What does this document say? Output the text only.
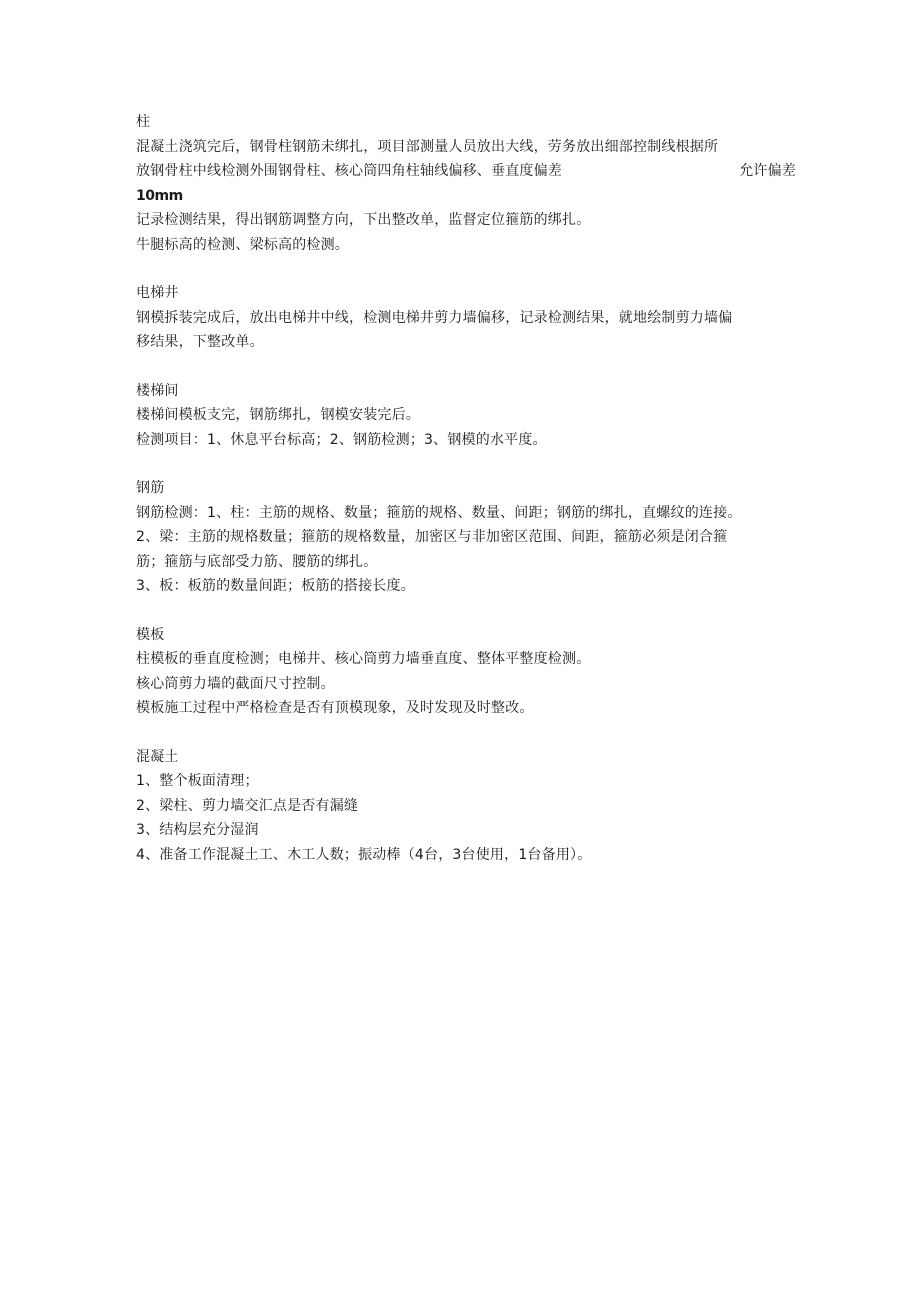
柱
混凝土浇筑完后，钢骨柱钢筋未绑扎，项目部测量人员放出大线，劳务放出细部控制线根据所
放钢骨柱中线检测外围钢骨柱、核心筒四角柱轴线偏移、垂直度偏差	允许偏差
10mm
记录检测结果，得出钢筋调整方向，下出整改单，监督定位箍筋的绑扎。
牛腿标高的检测、梁标高的检测。
电梯井
钢模拆装完成后，放出电梯井中线，检测电梯井剪力墙偏移，记录检测结果，就地绘制剪力墙偏
移结果，下整改单。
楼梯间
楼梯间模板支完，钢筋绑扎，钢模安装完后。
检测项目：1、休息平台标高；2、钢筋检测；3、钢模的水平度。
钢筋
钢筋检测：1、柱：主筋的规格、数量；箍筋的规格、数量、间距；钢筋的绑扎，直螺纹的连接。
2、梁：主筋的规格数量；箍筋的规格数量，加密区与非加密区范围、间距，箍筋必须是闭合箍
筋；箍筋与底部受力筋、腰筋的绑扎。
3、板：板筋的数量间距；板筋的搭接长度。
模板
柱模板的垂直度检测；电梯井、核心筒剪力墙垂直度、整体平整度检测。
核心筒剪力墙的截面尺寸控制。
模板施工过程中严格检查是否有顶模现象，及时发现及时整改。
混凝土
1、整个板面清理；
2、梁柱、剪力墙交汇点是否有漏缝
3、结构层充分湿润
4、准备工作混凝土工、木工人数；振动棒（4台，3台使用，1台备用）。
